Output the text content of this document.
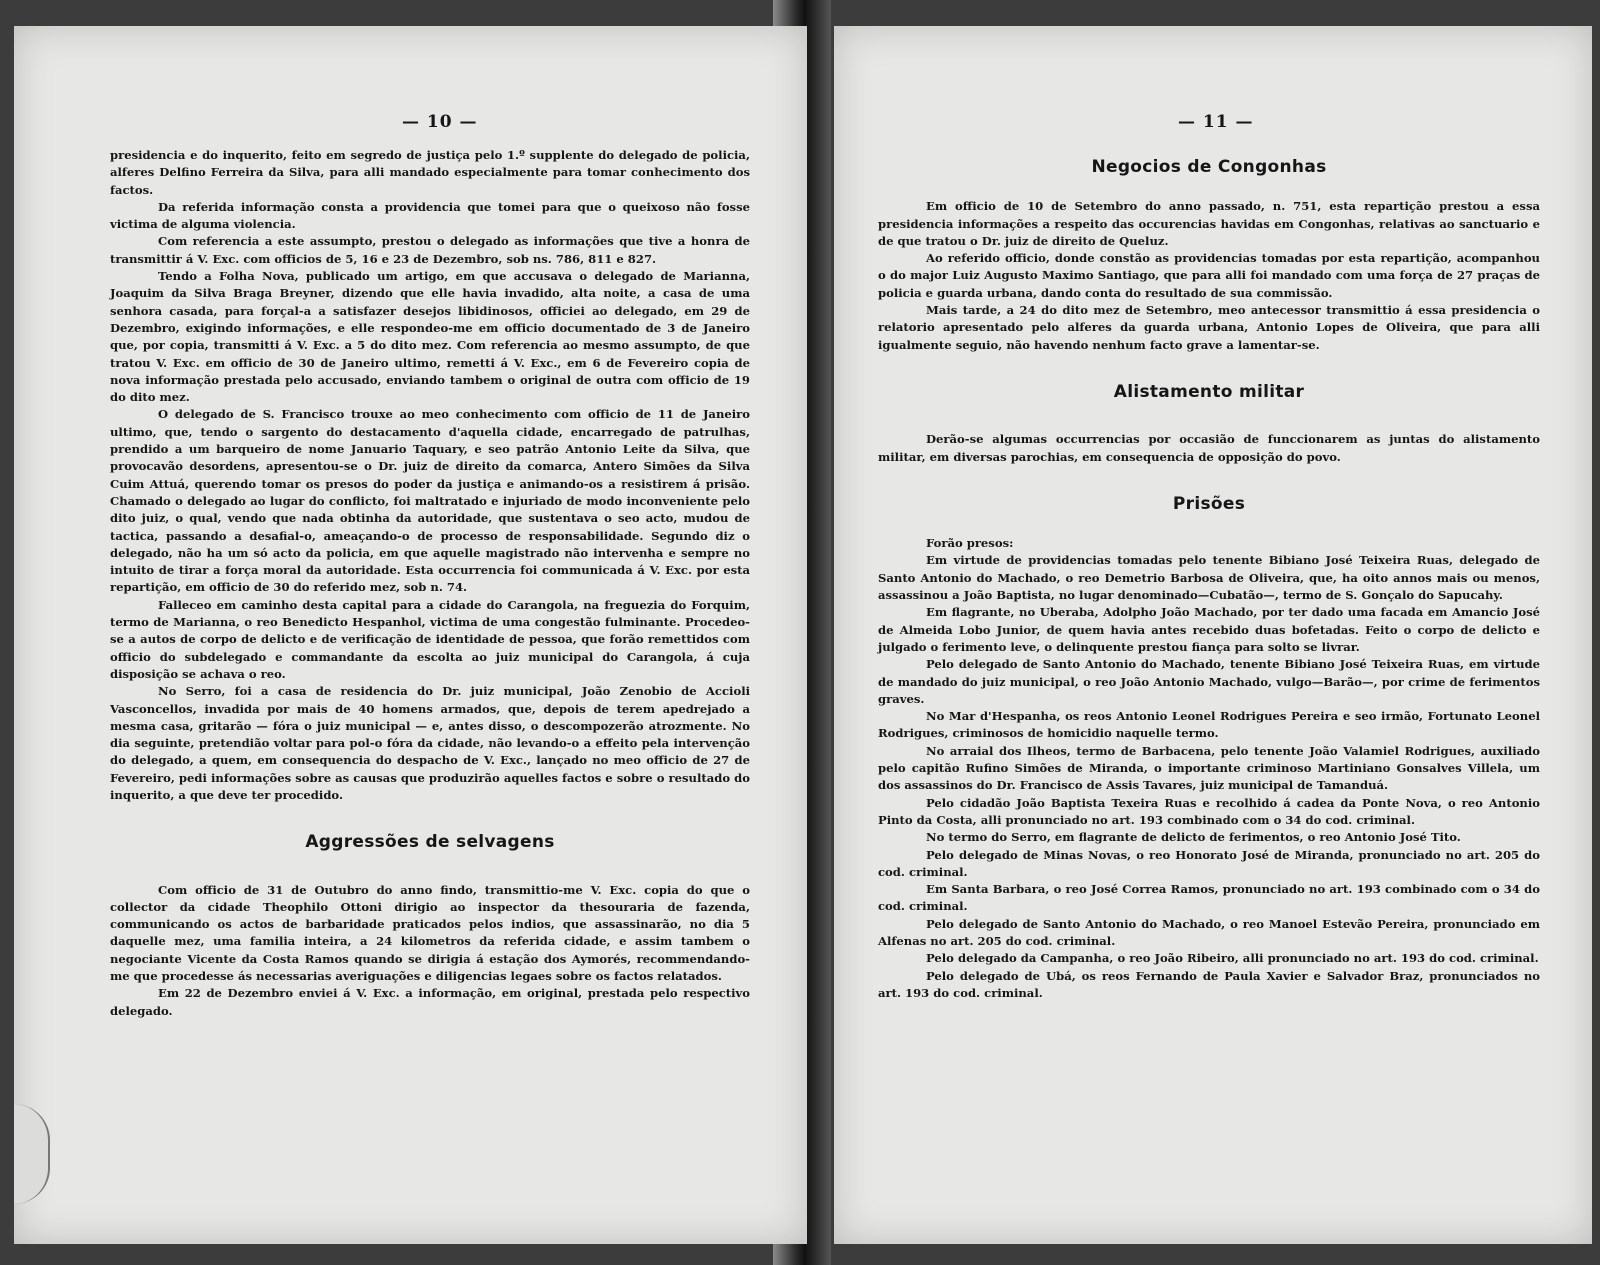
— 10 —

presidencia e do inquerito, feito em segredo de justiça pelo 1.º supplente do delegado de policia, alferes Delfino Ferreira da Silva, para alli mandado especialmente para tomar conhecimento dos factos.

Da referida informação consta a providencia que tomei para que o queixoso não fosse victima de alguma violencia.

Com referencia a este assumpto, prestou o delegado as informações que tive a honra de transmittir á V. Exc. com officios de 5, 16 e 23 de Dezembro, sob ns. 786, 811 e 827.

Tendo a Folha Nova, publicado um artigo, em que accusava o delegado de Marianna, Joaquim da Silva Braga Breyner, dizendo que elle havia invadido, alta noite, a casa de uma senhora casada, para forçal-a a satisfazer desejos libidinosos, officiei ao delegado, em 29 de Dezembro, exigindo informações, e elle respondeo-me em officio documentado de 3 de Janeiro que, por copia, transmitti á V. Exc. a 5 do dito mez. Com referencia ao mesmo assumpto, de que tratou V. Exc. em officio de 30 de Janeiro ultimo, remetti á V. Exc., em 6 de Fevereiro copia de nova informação prestada pelo accusado, enviando tambem o original de outra com officio de 19 do dito mez.

O delegado de S. Francisco trouxe ao meo conhecimento com officio de 11 de Janeiro ultimo, que, tendo o sargento do destacamento d'aquella cidade, encarregado de patrulhas, prendido a um barqueiro de nome Januario Taquary, e seo patrão Antonio Leite da Silva, que provocavão desordens, apresentou-se o Dr. juiz de direito da comarca, Antero Simões da Silva Cuim Attuá, querendo tomar os presos do poder da justiça e animando-os a resistirem á prisão. Chamado o delegado ao lugar do conflicto, foi maltratado e injuriado de modo inconveniente pelo dito juiz, o qual, vendo que nada obtinha da autoridade, que sustentava o seo acto, mudou de tactica, passando a desafial-o, ameaçando-o de processo de responsabilidade. Segundo diz o delegado, não ha um só acto da policia, em que aquelle magistrado não intervenha e sempre no intuito de tirar a força moral da autoridade. Esta occurrencia foi communicada á V. Exc. por esta repartição, em officio de 30 do referido mez, sob n. 74.

Falleceo em caminho desta capital para a cidade do Carangola, na freguezia do Forquim, termo de Marianna, o reo Benedicto Hespanhol, victima de uma congestão fulminante. Procedeo-se a autos de corpo de delicto e de verificação de identidade de pessoa, que forão remettidos com officio do subdelegado e commandante da escolta ao juiz municipal do Carangola, á cuja disposição se achava o reo.

No Serro, foi a casa de residencia do Dr. juiz municipal, João Zenobio de Accioli Vasconcellos, invadida por mais de 40 homens armados, que, depois de terem apedrejado a mesma casa, gritarão — fóra o juiz municipal — e, antes disso, o descompozerão atrozmente. No dia seguinte, pretendião voltar para pol-o fóra da cidade, não levando-o a effeito pela intervenção do delegado, a quem, em consequencia do despacho de V. Exc., lançado no meo officio de 27 de Fevereiro, pedi informações sobre as causas que produzirão aquelles factos e sobre o resultado do inquerito, a que deve ter procedido.

Aggressões de selvagens

Com officio de 31 de Outubro do anno findo, transmittio-me V. Exc. copia do que o collector da cidade Theophilo Ottoni dirigio ao inspector da thesouraria de fazenda, communicando os actos de barbaridade praticados pelos indios, que assassinarão, no dia 5 daquelle mez, uma familia inteira, a 24 kilometros da referida cidade, e assim tambem o negociante Vicente da Costa Ramos quando se dirigia á estação dos Aymorés, recommendando-me que procedesse ás necessarias averiguações e diligencias legaes sobre os factos relatados.

Em 22 de Dezembro enviei á V. Exc. a informação, em original, prestada pelo respectivo delegado.

— 11 —
Negocios de Congonhas

Em officio de 10 de Setembro do anno passado, n. 751, esta repartição prestou a essa presidencia informações a respeito das occurencias havidas em Congonhas, relativas ao sanctuario e de que tratou o Dr. juiz de direito de Queluz.

Ao referido officio, donde constão as providencias tomadas por esta repartição, acompanhou o do major Luiz Augusto Maximo Santiago, que para alli foi mandado com uma força de 27 praças de policia e guarda urbana, dando conta do resultado de sua commissão.

Mais tarde, a 24 do dito mez de Setembro, meo antecessor transmittio á essa presidencia o relatorio apresentado pelo alferes da guarda urbana, Antonio Lopes de Oliveira, que para alli igualmente seguio, não havendo nenhum facto grave a lamentar-se.

Alistamento militar

Derão-se algumas occurrencias por occasião de funccionarem as juntas do alistamento militar, em diversas parochias, em consequencia de opposição do povo.

Prisões

Forão presos:

Em virtude de providencias tomadas pelo tenente Bibiano José Teixeira Ruas, delegado de Santo Antonio do Machado, o reo Demetrio Barbosa de Oliveira, que, ha oito annos mais ou menos, assassinou a João Baptista, no lugar denominado—Cubatão—, termo de S. Gonçalo do Sapucahy.

Em flagrante, no Uberaba, Adolpho João Machado, por ter dado uma facada em Amancio José de Almeida Lobo Junior, de quem havia antes recebido duas bofetadas. Feito o corpo de delicto e julgado o ferimento leve, o delinquente prestou fiança para solto se livrar.

Pelo delegado de Santo Antonio do Machado, tenente Bibiano José Teixeira Ruas, em virtude de mandado do juiz municipal, o reo João Antonio Machado, vulgo—Barão—, por crime de ferimentos graves.

No Mar d'Hespanha, os reos Antonio Leonel Rodrigues Pereira e seo irmão, Fortunato Leonel Rodrigues, criminosos de homicidio naquelle termo.

No arraial dos Ilheos, termo de Barbacena, pelo tenente João Valamiel Rodrigues, auxiliado pelo capitão Rufino Simões de Miranda, o importante criminoso Martiniano Gonsalves Villela, um dos assassinos do Dr. Francisco de Assis Tavares, juiz municipal de Tamanduá.

Pelo cidadão João Baptista Texeira Ruas e recolhido á cadea da Ponte Nova, o reo Antonio Pinto da Costa, alli pronunciado no art. 193 combinado com o 34 do cod. criminal.

No termo do Serro, em flagrante de delicto de ferimentos, o reo Antonio José Tito.

Pelo delegado de Minas Novas, o reo Honorato José de Miranda, pronunciado no art. 205 do cod. criminal.

Em Santa Barbara, o reo José Correa Ramos, pronunciado no art. 193 combinado com o 34 do cod. criminal.

Pelo delegado de Santo Antonio do Machado, o reo Manoel Estevão Pereira, pronunciado em Alfenas no art. 205 do cod. criminal.

Pelo delegado da Campanha, o reo João Ribeiro, alli pronunciado no art. 193 do cod. criminal.

Pelo delegado de Ubá, os reos Fernando de Paula Xavier e Salvador Braz, pronunciados no art. 193 do cod. criminal.
